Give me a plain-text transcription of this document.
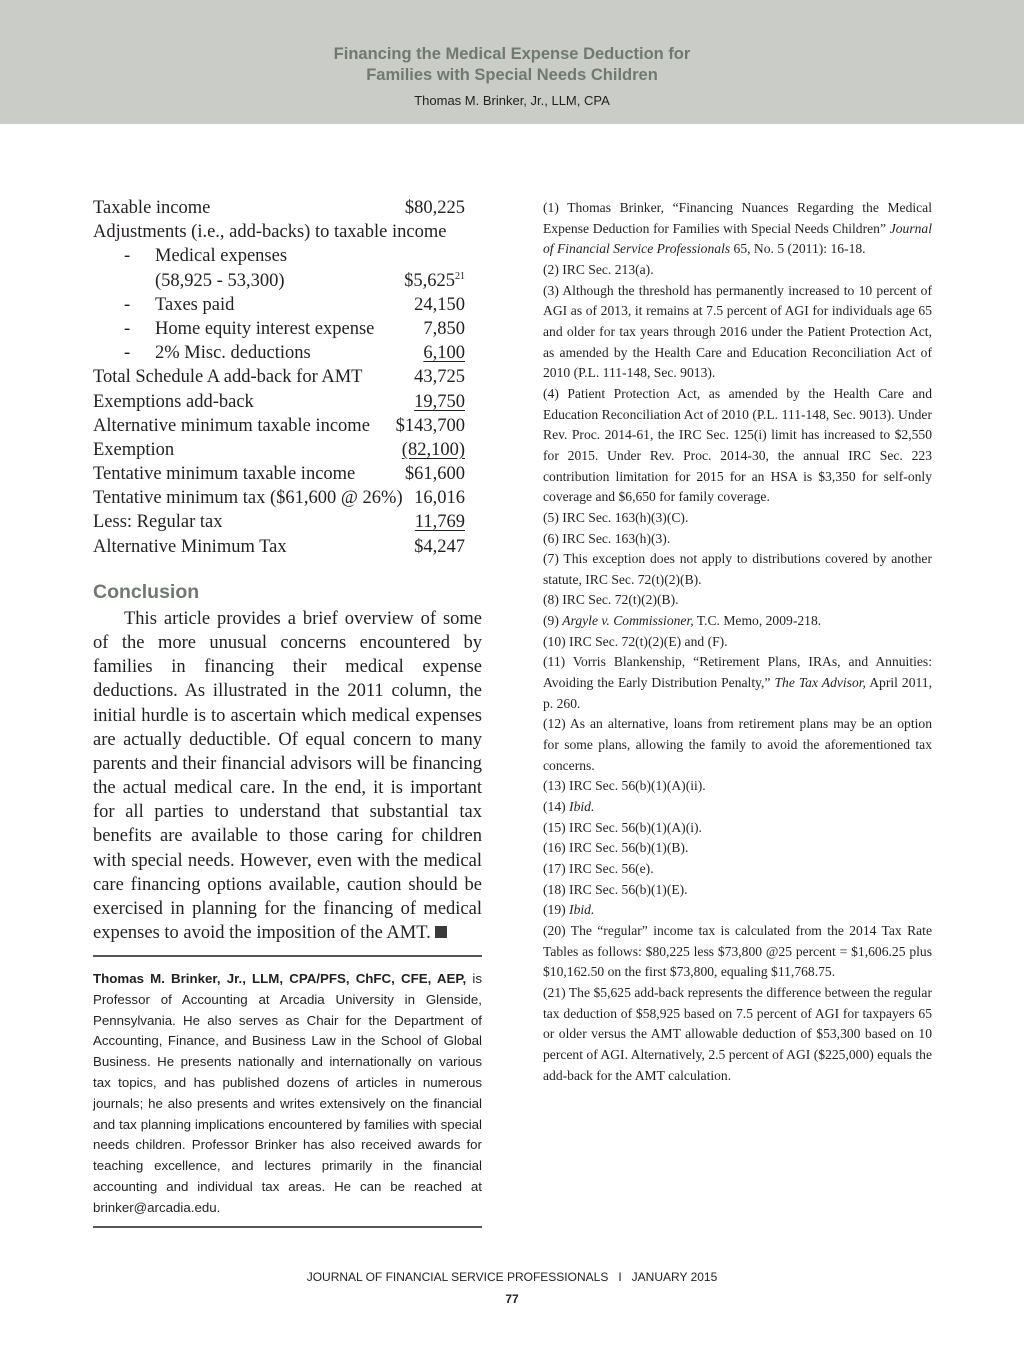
Financing the Medical Expense Deduction for
Families with Special Needs Children
Thomas M. Brinker, Jr., LLM, CPA
Taxable income	$80,225
Adjustments (i.e., add-backs) to taxable income
- Medical expenses
(58,925 - 53,300)	$5,625$^{21}$
- Taxes paid	24,150
- Home equity interest expense	7,850
- 2% Misc. deductions	6,100
Total Schedule A add-back for AMT	43,725
Exemptions add-back	19,750
Alternative minimum taxable income $143,700
Exemption	(82,100)
Tentative minimum taxable income	$61,600
Tentative minimum tax ($61,600 @ 26%) 16,016
Less: Regular tax	11,769
Alternative Minimum Tax	$4,247
Conclusion

This article provides a brief overview of some of the more unusual concerns encountered by families in financing their medical expense deductions. As illustrated in the 2011 column, the initial hurdle is to ascertain which medical expenses are actually deductible. Of equal concern to many parents and their financial advisors will be financing the actual medical care. In the end, it is important for all parties to understand that substantial tax benefits are available to those caring for children with special needs. However, even with the medical care financing options available, caution should be exercised in planning for the financing of medical expenses to avoid the imposition of the AMT.

Thomas M. Brinker, Jr., LLM, CPA/PFS, ChFC, CFE, AEP, is Professor of Accounting at Arcadia University in Glenside, Pennsylvania. He also serves as Chair for the Department of Accounting, Finance, and Business Law in the School of Global Business. He presents nationally and internationally on various tax topics, and has published dozens of articles in numerous journals; he also presents and writes extensively on the financial and tax planning implications encountered by families with special needs children. Professor Brinker has also received awards for teaching excellence, and lectures primarily in the financial accounting and individual tax areas. He can be reached at brinker@arcadia.edu.

(1) Thomas Brinker, “Financing Nuances Regarding the Medical Expense Deduction for Families with Special Needs Children” Journal of Financial Service Professionals 65, No. 5 (2011): 16-18.
(2) IRC Sec. 213(a).
(3) Although the threshold has permanently increased to 10 percent of AGI as of 2013, it remains at 7.5 percent of AGI for individuals age 65 and older for tax years through 2016 under the Patient Protection Act, as amended by the Health Care and Education Reconciliation Act of 2010 (P.L. 111-148, Sec. 9013).
(4) Patient Protection Act, as amended by the Health Care and Education Reconciliation Act of 2010 (P.L. 111-148, Sec. 9013). Under Rev. Proc. 2014-61, the IRC Sec. 125(i) limit has increased to $2,550 for 2015. Under Rev. Proc. 2014-30, the annual IRC Sec. 223 contribution limitation for 2015 for an HSA is $3,350 for self-only coverage and $6,650 for family coverage.
(5) IRC Sec. 163(h)(3)(C).
(6) IRC Sec. 163(h)(3).
(7) This exception does not apply to distributions covered by another statute, IRC Sec. 72(t)(2)(B).
(8) IRC Sec. 72(t)(2)(B).
(9) Argyle v. Commissioner, T.C. Memo, 2009-218.
(10) IRC Sec. 72(t)(2)(E) and (F).
(11) Vorris Blankenship, “Retirement Plans, IRAs, and Annuities: Avoiding the Early Distribution Penalty,” The Tax Advisor, April 2011, p. 260.
(12) As an alternative, loans from retirement plans may be an option for some plans, allowing the family to avoid the aforementioned tax concerns.
(13) IRC Sec. 56(b)(1)(A)(ii).
(14) Ibid.
(15) IRC Sec. 56(b)(1)(A)(i).
(16) IRC Sec. 56(b)(1)(B).
(17) IRC Sec. 56(e).
(18) IRC Sec. 56(b)(1)(E).
(19) Ibid.
(20) The “regular” income tax is calculated from the 2014 Tax Rate Tables as follows: $80,225 less $73,800 @25 percent = $1,606.25 plus $10,162.50 on the first $73,800, equaling $11,768.75.
(21) The $5,625 add-back represents the difference between the regular tax deduction of $58,925 based on 7.5 percent of AGI for taxpayers 65 or older versus the AMT allowable deduction of $53,300 based on 10 percent of AGI. Alternatively, 2.5 percent of AGI ($225,000) equals the add-back for the AMT calculation.
JOURNAL OF FINANCIAL SERVICE PROFESSIONALS   I   JANUARY 2015
77
